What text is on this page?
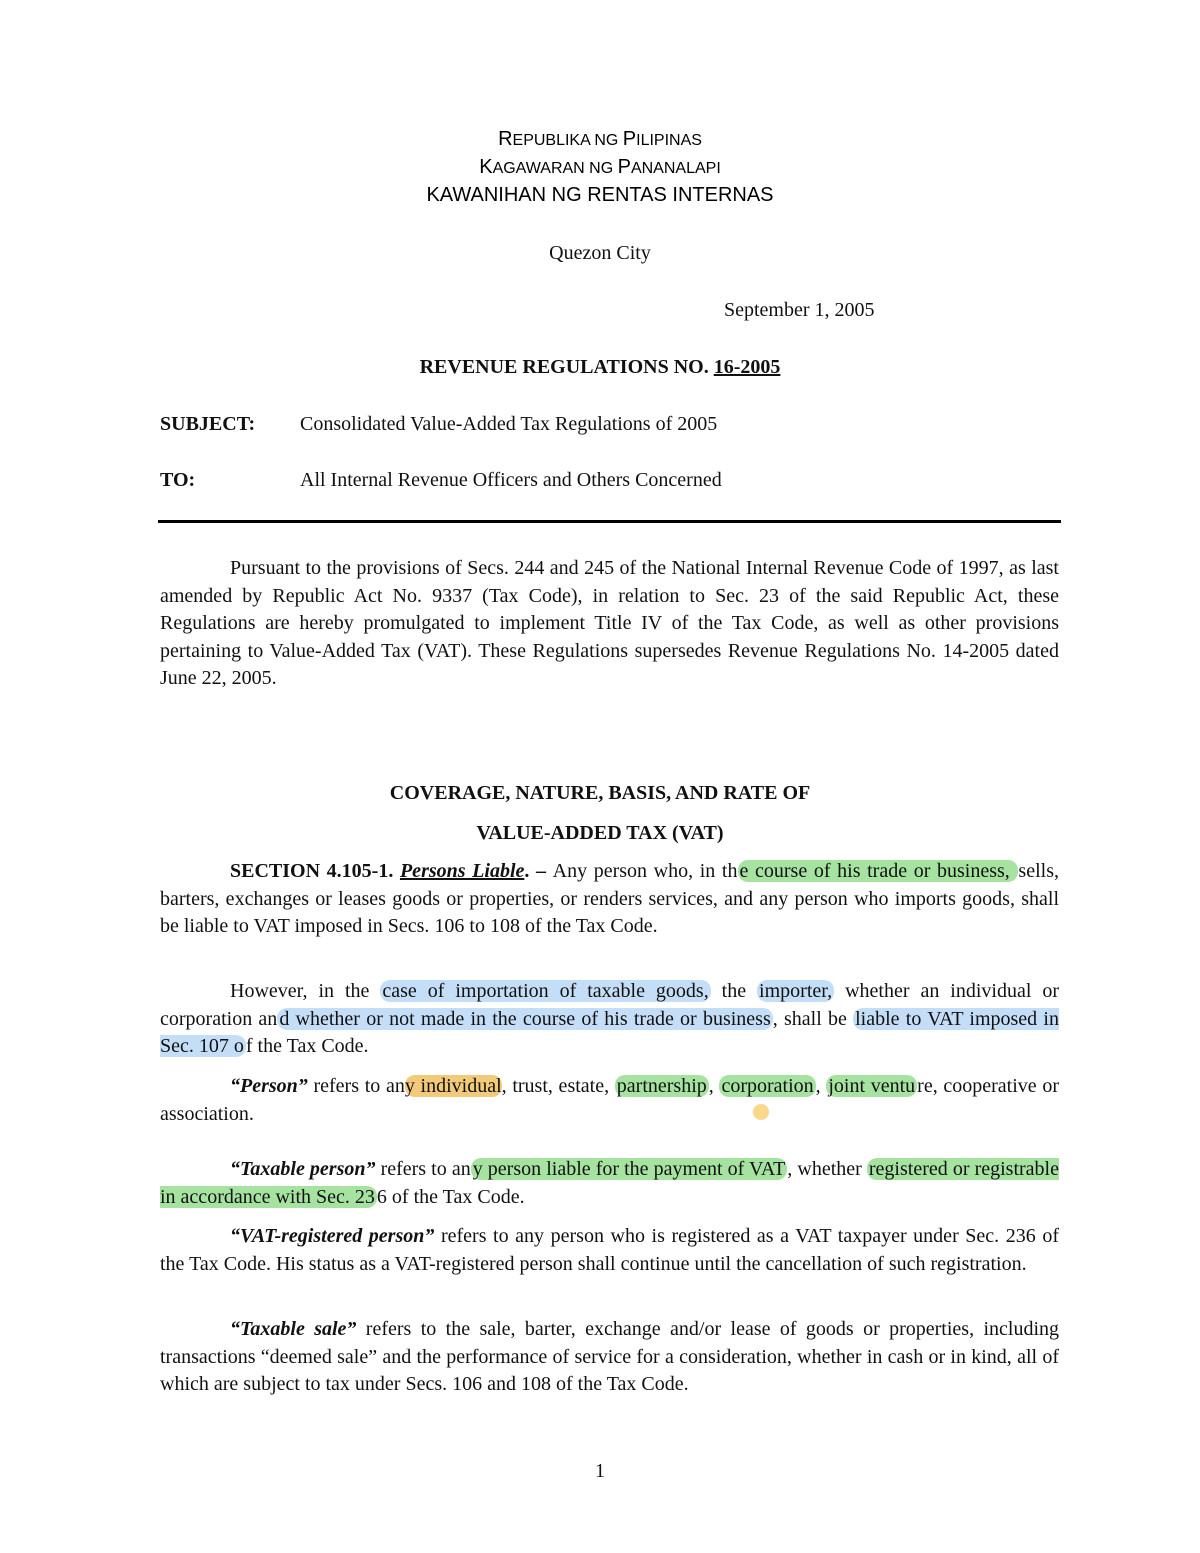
REPUBLIKA NG PILIPINAS
KAGAWARAN NG PANANALAPI
KAWANIHAN NG RENTAS INTERNAS
Quezon City
September 1, 2005
REVENUE REGULATIONS NO. 16-2005
SUBJECT: Consolidated Value-Added Tax Regulations of 2005
TO:	All Internal Revenue Officers and Others Concerned
Pursuant to the provisions of Secs. 244 and 245 of the National Internal Revenue Code of 1997, as last amended by Republic Act No. 9337 (Tax Code), in relation to Sec. 23 of the said Republic Act, these Regulations are hereby promulgated to implement Title IV of the Tax Code, as well as other provisions pertaining to Value-Added Tax (VAT). These Regulations supersedes Revenue Regulations No. 14-2005 dated June 22, 2005.
COVERAGE, NATURE, BASIS, AND RATE OF
VALUE-ADDED TAX (VAT)
SECTION 4.105-1. Persons Liable. – Any person who, in th e course of his trade or business, sells, barters, exchanges or leases goods or properties, or renders services, and any person who imports goods, shall be liable to VAT imposed in Secs. 106 to 108 of the Tax Code.
However, in the case of importation of taxable goods, the importer, whether an individual or corporation an d whether or not made in the course of his trade or business , shall be liable to VAT imposed in Sec. 107 o f the Tax Code.
“Person” refers to any individual, trust, estate, partnership , corporation , joint ventu re, cooperative or association.
“Taxable person” refers to an y person liable for the payment of VAT , whether registered or registrable in accordance with Sec. 23 6 of the Tax Code.
“VAT-registered person” refers to any person who is registered as a VAT taxpayer under Sec. 236 of the Tax Code. His status as a VAT-registered person shall continue until the cancellation of such registration.
“Taxable sale” refers to the sale, barter, exchange and/or lease of goods or properties, including transactions “deemed sale” and the performance of service for a consideration, whether in cash or in kind, all of which are subject to tax under Secs. 106 and 108 of the Tax Code.
1
